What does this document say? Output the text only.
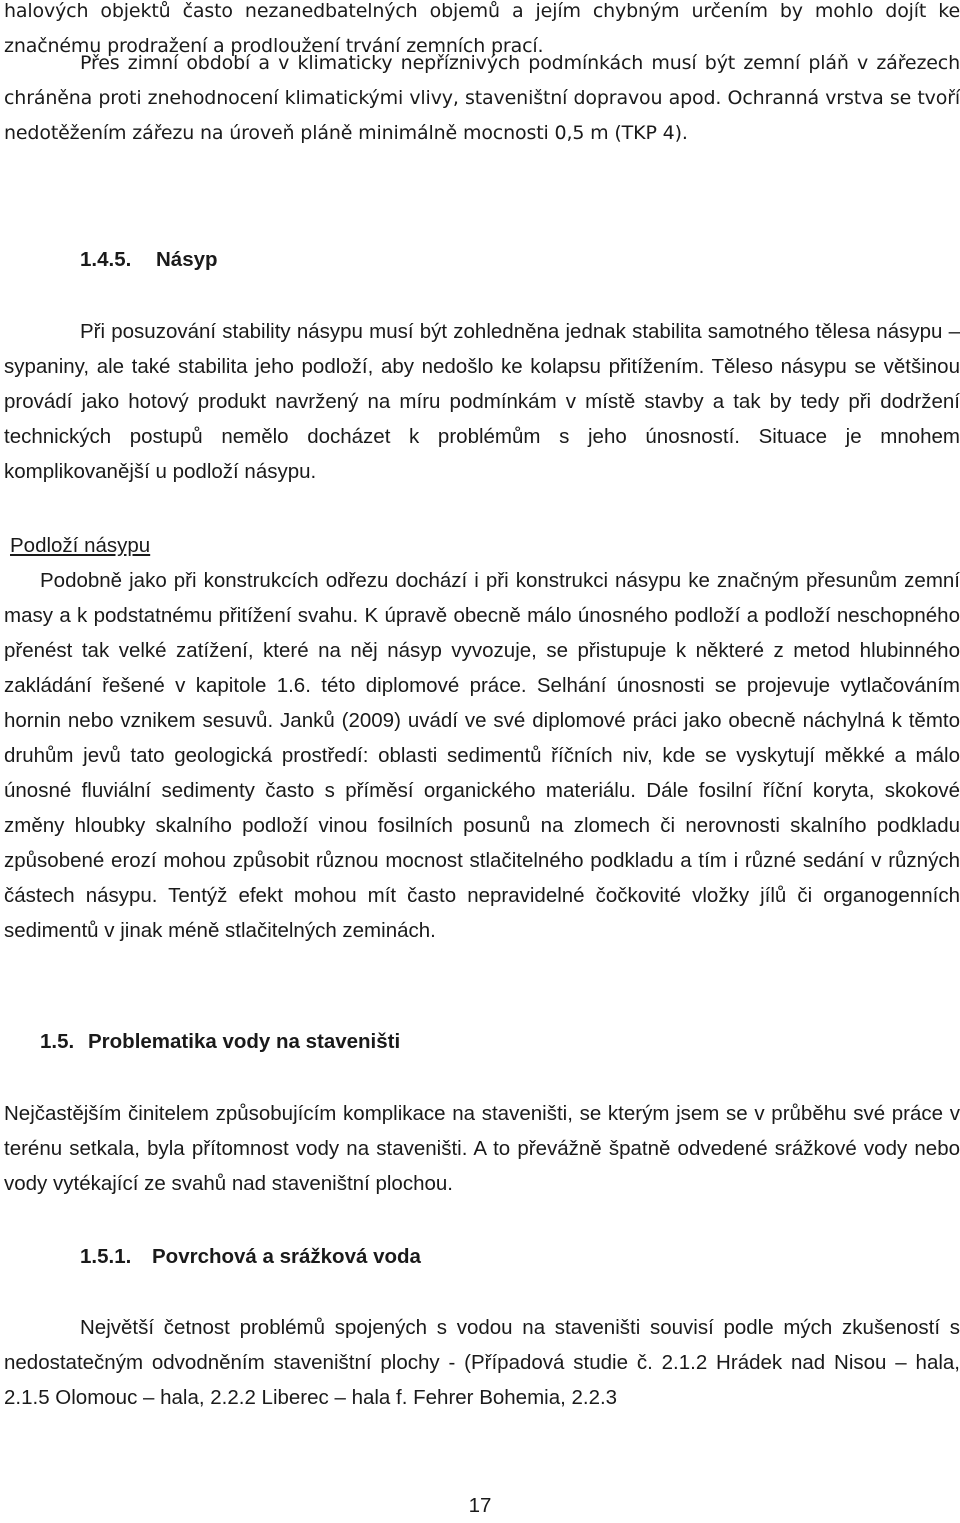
halových objektů často nezanedbatelných objemů a jejím chybným určením by mohlo dojít ke značnému prodražení a prodloužení trvání zemních prací.

Přes zimní období a v klimaticky nepříznivých podmínkách musí být zemní pláň v zářezech chráněna proti znehodnocení klimatickými vlivy, staveništní dopravou apod. Ochranná vrstva se tvoří nedotěžením zářezu na úroveň pláně minimálně mocnosti 0,5 m (TKP 4).

1.4.5. Násyp

Při posuzování stability násypu musí být zohledněna jednak stabilita samotného tělesa násypu – sypaniny, ale také stabilita jeho podloží, aby nedošlo ke kolapsu přitížením. Těleso násypu se většinou provádí jako hotový produkt navržený na míru podmínkám v místě stavby a tak by tedy při dodržení technických postupů nemělo docházet k problémům s jeho únosností. Situace je mnohem komplikovanější u podloží násypu.

Podloží násypu

Podobně jako při konstrukcích odřezu dochází i při konstrukci násypu ke značným přesunům zemní masy a k podstatnému přitížení svahu. K úpravě obecně málo únosného podloží a podloží neschopného přenést tak velké zatížení, které na něj násyp vyvozuje, se přistupuje k některé z metod hlubinného zakládání řešené v kapitole 1.6. této diplomové práce. Selhání únosnosti se projevuje vytlačováním hornin nebo vznikem sesuvů. Janků (2009) uvádí ve své diplomové práci jako obecně náchylná k těmto druhům jevů tato geologická prostředí: oblasti sedimentů říčních niv, kde se vyskytují měkké a málo únosné fluviální sedimenty často s příměsí organického materiálu. Dále fosilní říční koryta, skokové změny hloubky skalního podloží vinou fosilních posunů na zlomech či nerovnosti skalního podkladu způsobené erozí mohou způsobit různou mocnost stlačitelného podkladu a tím i různé sedání v různých částech násypu. Tentýž efekt mohou mít často nepravidelné čočkovité vložky jílů či organogenních sedimentů v jinak méně stlačitelných zeminách.

1.5. Problematika vody na staveništi

Nejčastějším činitelem způsobujícím komplikace na staveništi, se kterým jsem se v průběhu své práce v terénu setkala, byla přítomnost vody na staveništi. A to převážně špatně odvedené srážkové vody nebo vody vytékající ze svahů nad staveništní plochou.

1.5.1. Povrchová a srážková voda

Největší četnost problémů spojených s vodou na staveništi souvisí podle mých zkušeností s nedostatečným odvodněním staveništní plochy - (Případová studie č. 2.1.2 Hrádek nad Nisou – hala, 2.1.5 Olomouc – hala, 2.2.2 Liberec – hala f. Fehrer Bohemia, 2.2.3

17
